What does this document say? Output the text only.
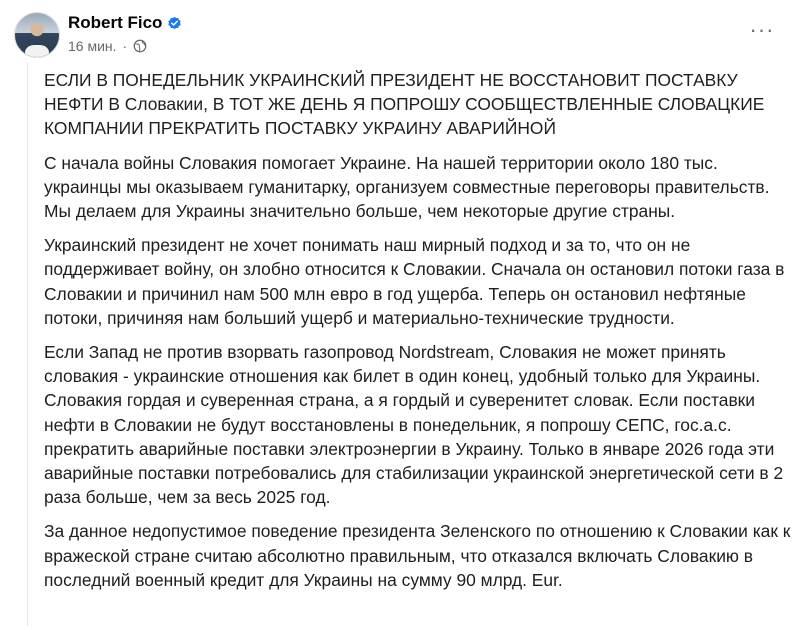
Robert Fico
16 мин. ·
···

ЕСЛИ В ПОНЕДЕЛЬНИК УКРАИНСКИЙ ПРЕЗИДЕНТ НЕ ВОССТАНОВИТ ПОСТАВКУ НЕФТИ В Словакии, В ТОТ ЖЕ ДЕНЬ Я ПОПРОШУ СООБЩЕСТВЛЕННЫЕ СЛОВАЦКИЕ КОМПАНИИ ПРЕКРАТИТЬ ПОСТАВКУ УКРАИНУ АВАРИЙНОЙ

С начала войны Словакия помогает Украине. На нашей территории около 180 тыс. украинцы мы оказываем гуманитарку, организуем совместные переговоры правительств. Мы делаем для Украины значительно больше, чем некоторые другие страны.

Украинский президент не хочет понимать наш мирный подход и за то, что он не поддерживает войну, он злобно относится к Словакии. Сначала он остановил потоки газа в Словакии и причинил нам 500 млн евро в год ущерба. Теперь он остановил нефтяные потоки, причиняя нам больший ущерб и материально-технические трудности.

Если Запад не против взорвать газопровод Nordstream, Словакия не может принять словакия - украинские отношения как билет в один конец, удобный только для Украины. Словакия гордая и суверенная страна, а я гордый и суверенитет словак. Если поставки нефти в Словакии не будут восстановлены в понедельник, я попрошу СЕПС, гос.а.с. прекратить аварийные поставки электроэнергии в Украину. Только в январе 2026 года эти аварийные поставки потребовались для стабилизации украинской энергетической сети в 2 раза больше, чем за весь 2025 год.

За данное недопустимое поведение президента Зеленского по отношению к Словакии как к вражеской стране считаю абсолютно правильным, что отказался включать Словакию в последний военный кредит для Украины на сумму 90 млрд. Eur.
